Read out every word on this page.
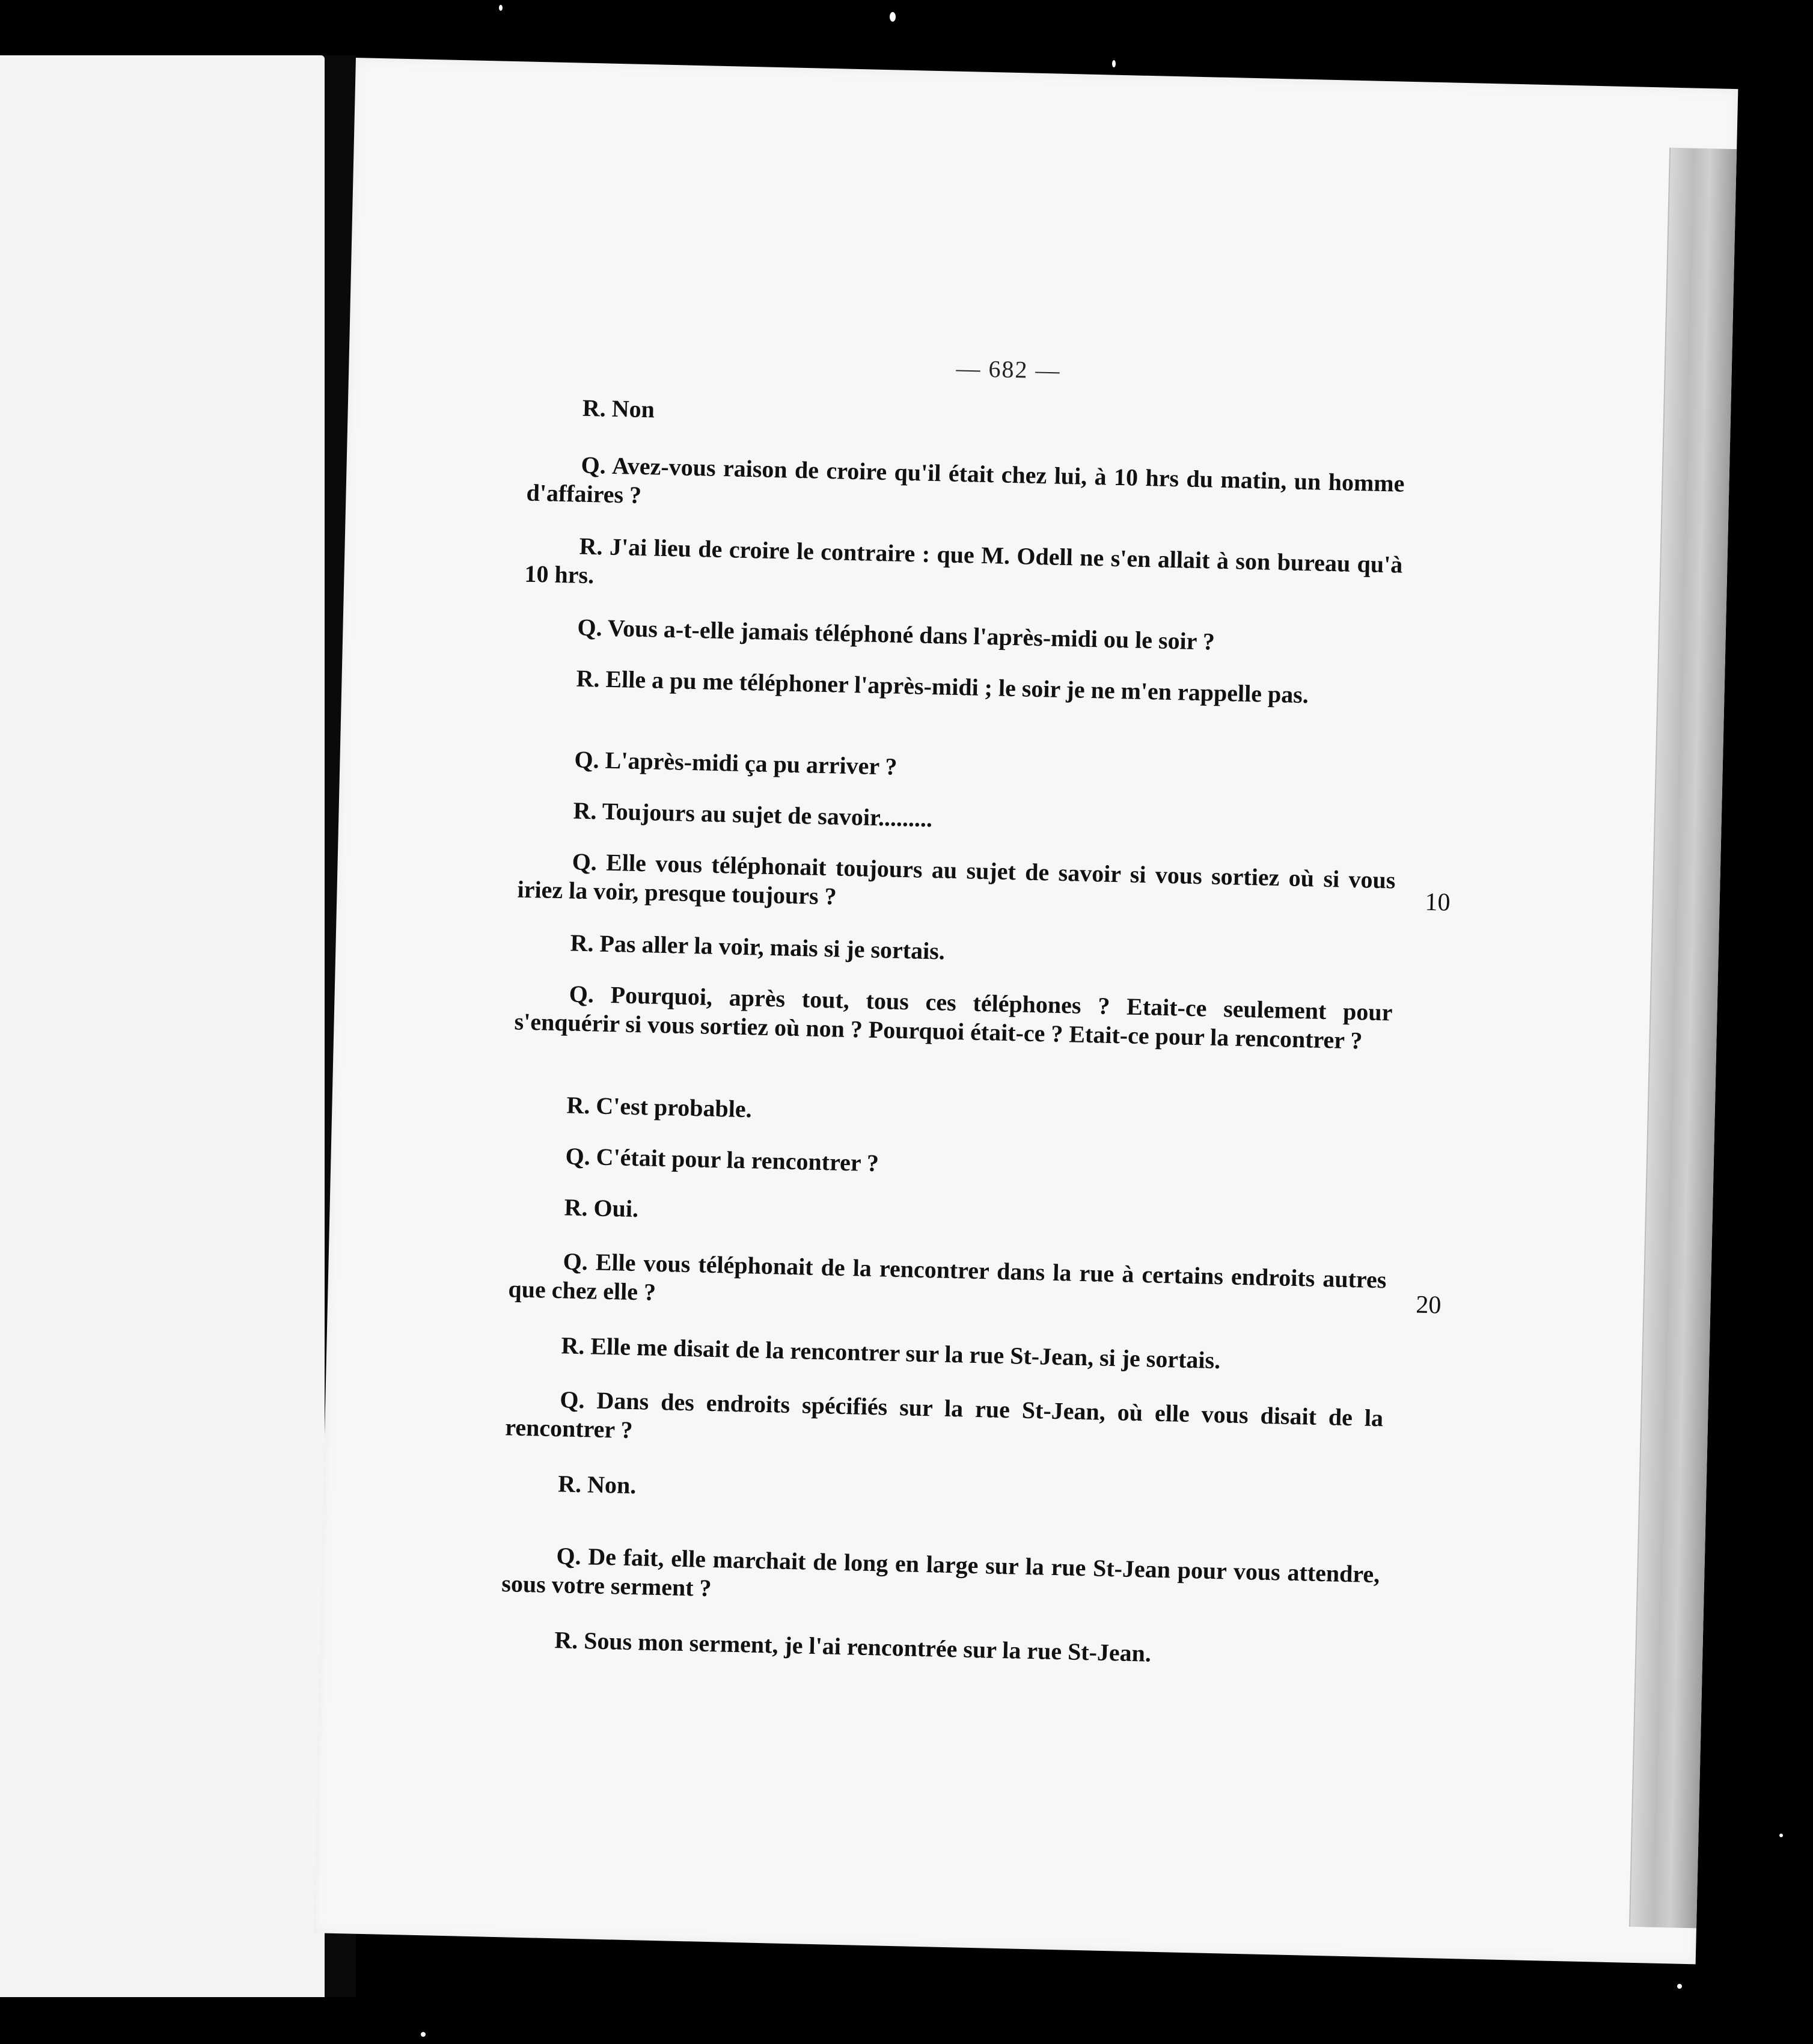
— 682 —
R. Non
Q. Avez-vous raison de croire qu'il était chez lui, à 10 hrs du matin, un homme d'affaires ?
R. J'ai lieu de croire le contraire : que M. Odell ne s'en allait à son bureau qu'à 10 hrs.
Q. Vous a-t-elle jamais téléphoné dans l'après-midi ou le soir ?
R. Elle a pu me téléphoner l'après-midi ; le soir je ne m'en rappelle pas.
Q. L'après-midi ça pu arriver ?
R. Toujours au sujet de savoir.........
Q. Elle vous téléphonait toujours au sujet de savoir si vous sortiez où si vous iriez la voir, presque toujours ?
R. Pas aller la voir, mais si je sortais.
Q. Pourquoi, après tout, tous ces téléphones ? Etait-ce seulement pour s'enquérir si vous sortiez où non ? Pourquoi était-ce ? Etait-ce pour la rencontrer ?
R. C'est probable.
Q. C'était pour la rencontrer ?
R. Oui.
Q. Elle vous téléphonait de la rencontrer dans la rue à certains endroits autres que chez elle ?
R. Elle me disait de la rencontrer sur la rue St-Jean, si je sortais.
Q. Dans des endroits spécifiés sur la rue St-Jean, où elle vous disait de la rencontrer ?
R. Non.
Q. De fait, elle marchait de long en large sur la rue St-Jean pour vous attendre, sous votre serment ?
R. Sous mon serment, je l'ai rencontrée sur la rue St-Jean.
10
20
